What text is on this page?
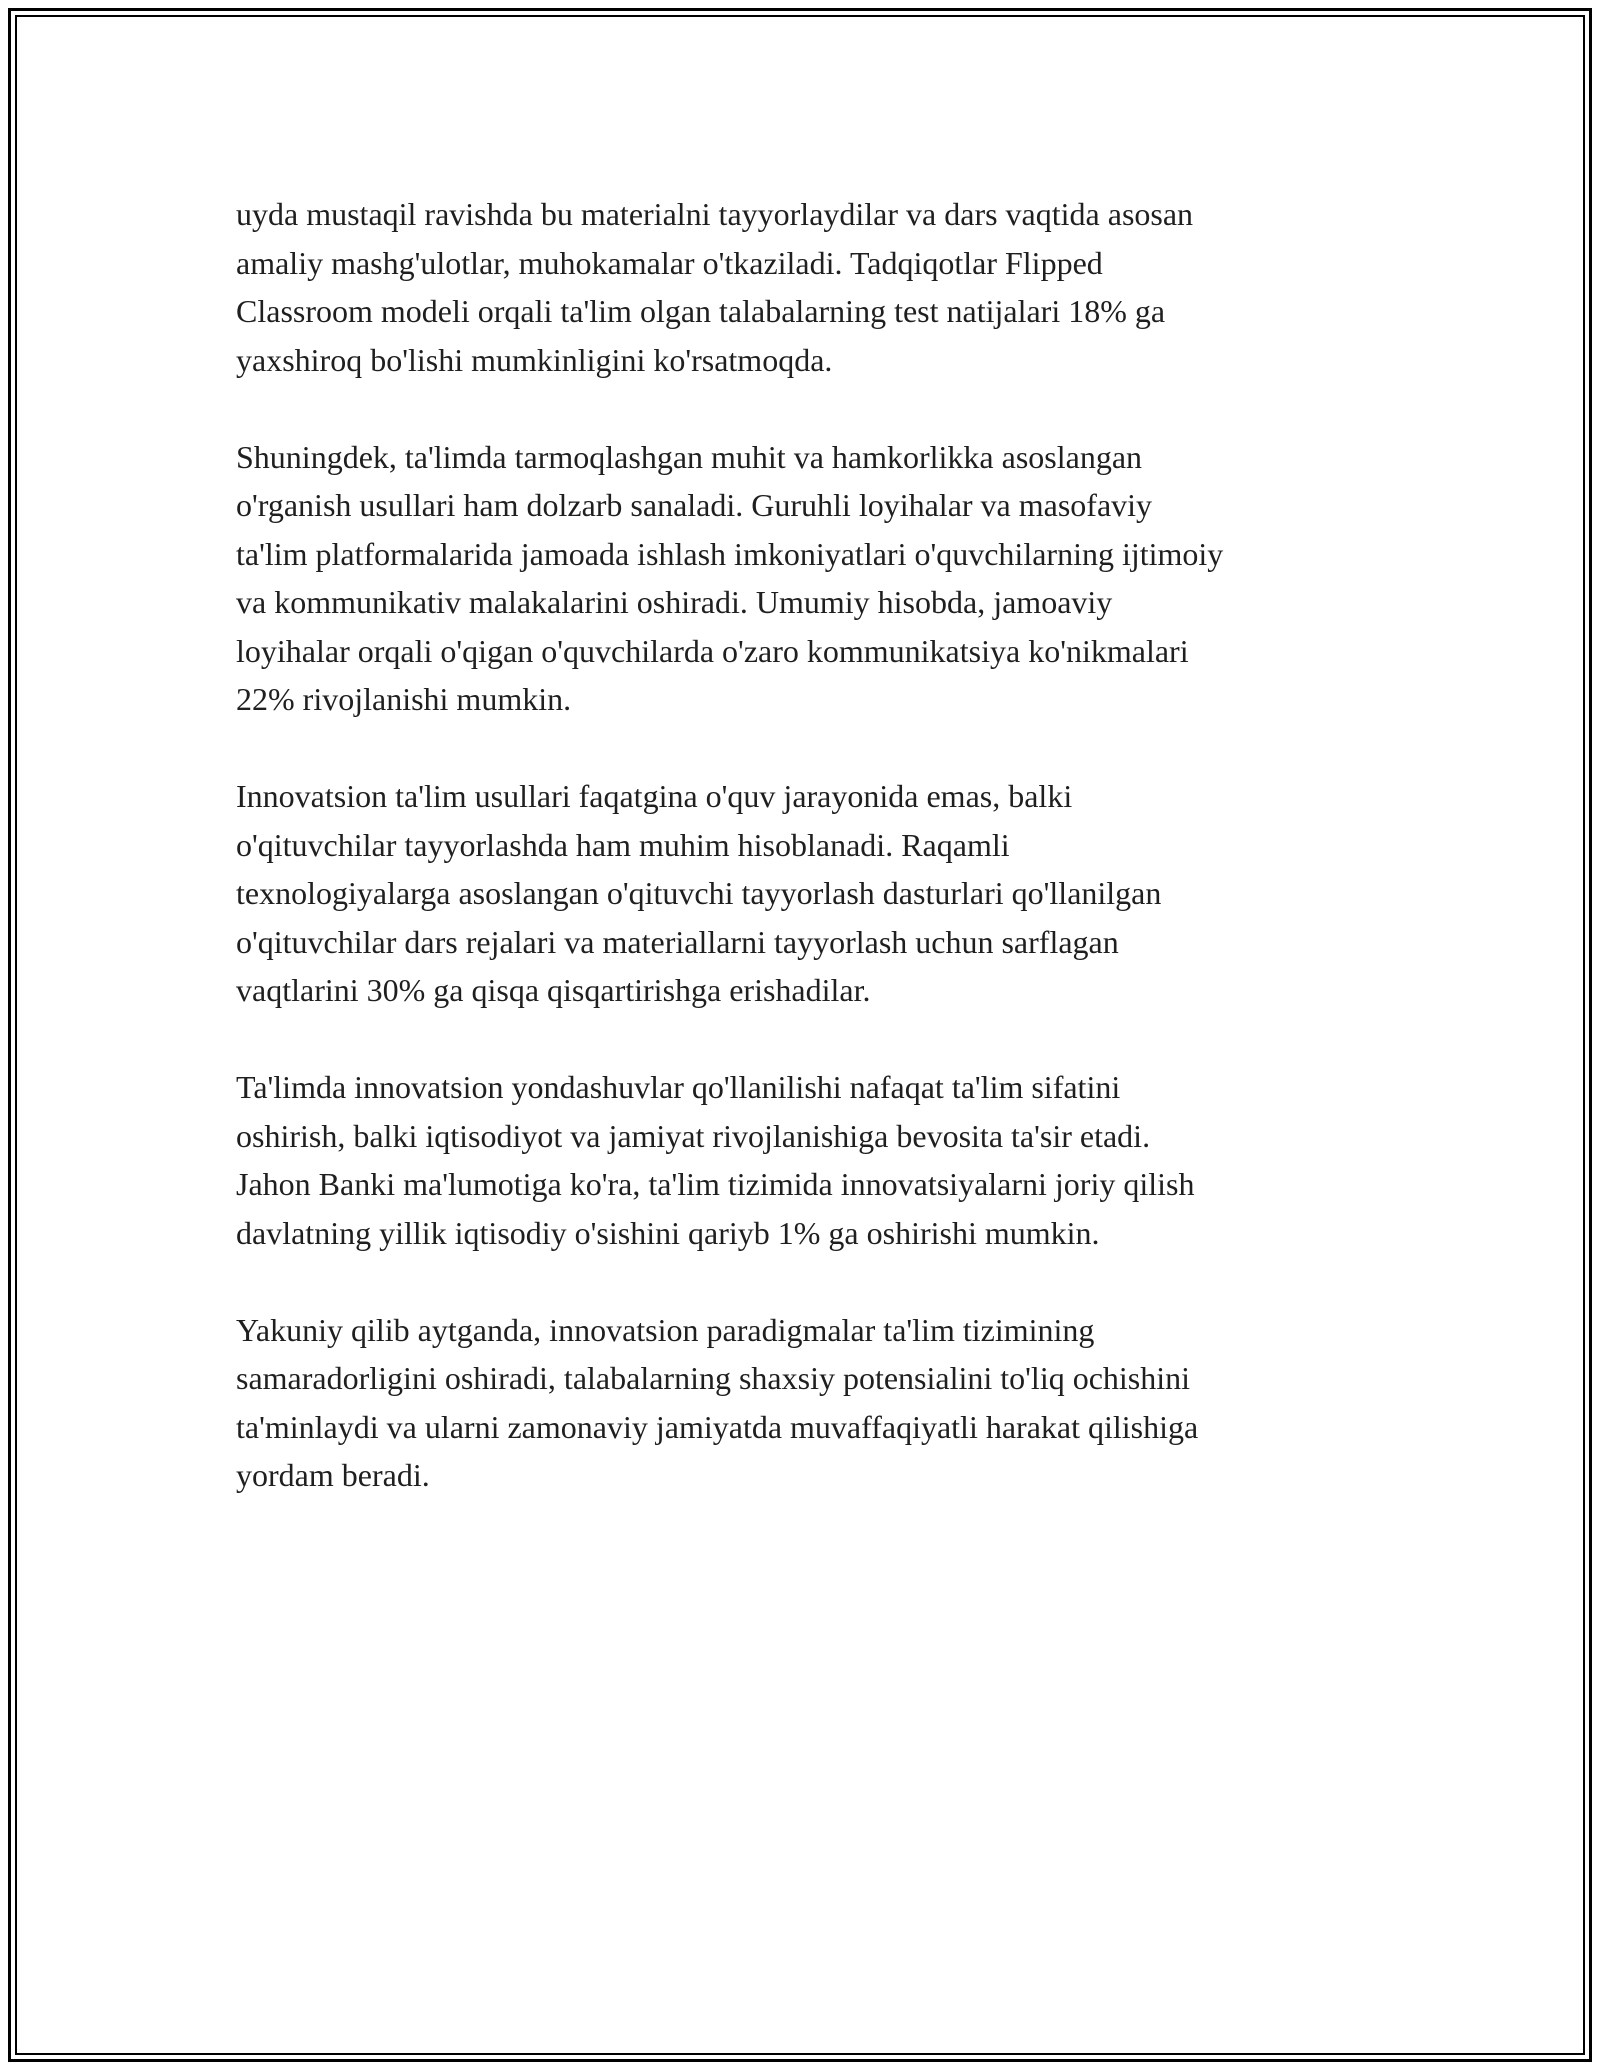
uyda mustaqil ravishda bu materialni tayyorlaydilar va dars vaqtida asosan
amaliy mashg'ulotlar, muhokamalar o'tkaziladi. Tadqiqotlar Flipped
Classroom modeli orqali ta'lim olgan talabalarning test natijalari 18% ga
yaxshiroq bo'lishi mumkinligini ko'rsatmoqda.

Shuningdek, ta'limda tarmoqlashgan muhit va hamkorlikka asoslangan
o'rganish usullari ham dolzarb sanaladi. Guruhli loyihalar va masofaviy
ta'lim platformalarida jamoada ishlash imkoniyatlari o'quvchilarning ijtimoiy
va kommunikativ malakalarini oshiradi. Umumiy hisobda, jamoaviy
loyihalar orqali o'qigan o'quvchilarda o'zaro kommunikatsiya ko'nikmalari
22% rivojlanishi mumkin.

Innovatsion ta'lim usullari faqatgina o'quv jarayonida emas, balki
o'qituvchilar tayyorlashda ham muhim hisoblanadi. Raqamli
texnologiyalarga asoslangan o'qituvchi tayyorlash dasturlari qo'llanilgan
o'qituvchilar dars rejalari va materiallarni tayyorlash uchun sarflagan
vaqtlarini 30% ga qisqa qisqartirishga erishadilar.

Ta'limda innovatsion yondashuvlar qo'llanilishi nafaqat ta'lim sifatini
oshirish, balki iqtisodiyot va jamiyat rivojlanishiga bevosita ta'sir etadi.
Jahon Banki ma'lumotiga ko'ra, ta'lim tizimida innovatsiyalarni joriy qilish
davlatning yillik iqtisodiy o'sishini qariyb 1% ga oshirishi mumkin.

Yakuniy qilib aytganda, innovatsion paradigmalar ta'lim tizimining
samaradorligini oshiradi, talabalarning shaxsiy potensialini to'liq ochishini
ta'minlaydi va ularni zamonaviy jamiyatda muvaffaqiyatli harakat qilishiga
yordam beradi.
